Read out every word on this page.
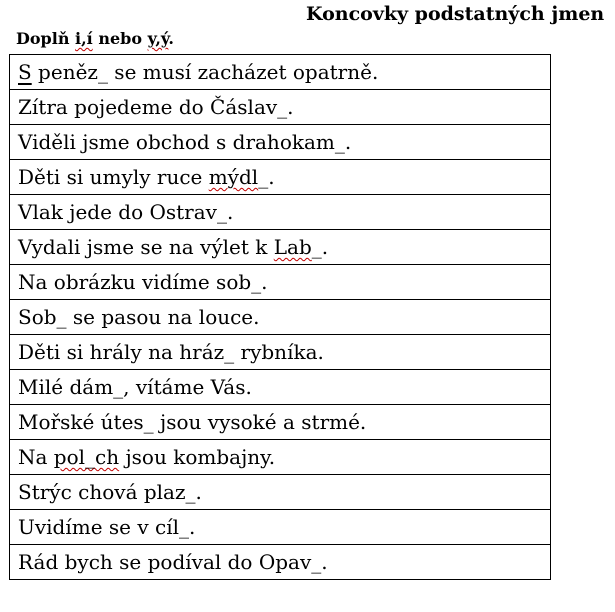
Koncovky podstatných jmen
Doplň i,í nebo y,ý.
S peněz_ se musí zacházet opatrně.
Zítra pojedeme do Čáslav_.
Viděli jsme obchod s drahokam_.
Děti si umyly ruce mýdl_.
Vlak jede do Ostrav_.
Vydali jsme se na výlet k Lab_.
Na obrázku vidíme sob_.
Sob_ se pasou na louce.
Děti si hrály na hráz_ rybníka.
Milé dám_, vítáme Vás.
Mořské útes_ jsou vysoké a strmé.
Na pol_ch jsou kombajny.
Strýc chová plaz_.
Uvidíme se v cíl_.
Rád bych se podíval do Opav_.
